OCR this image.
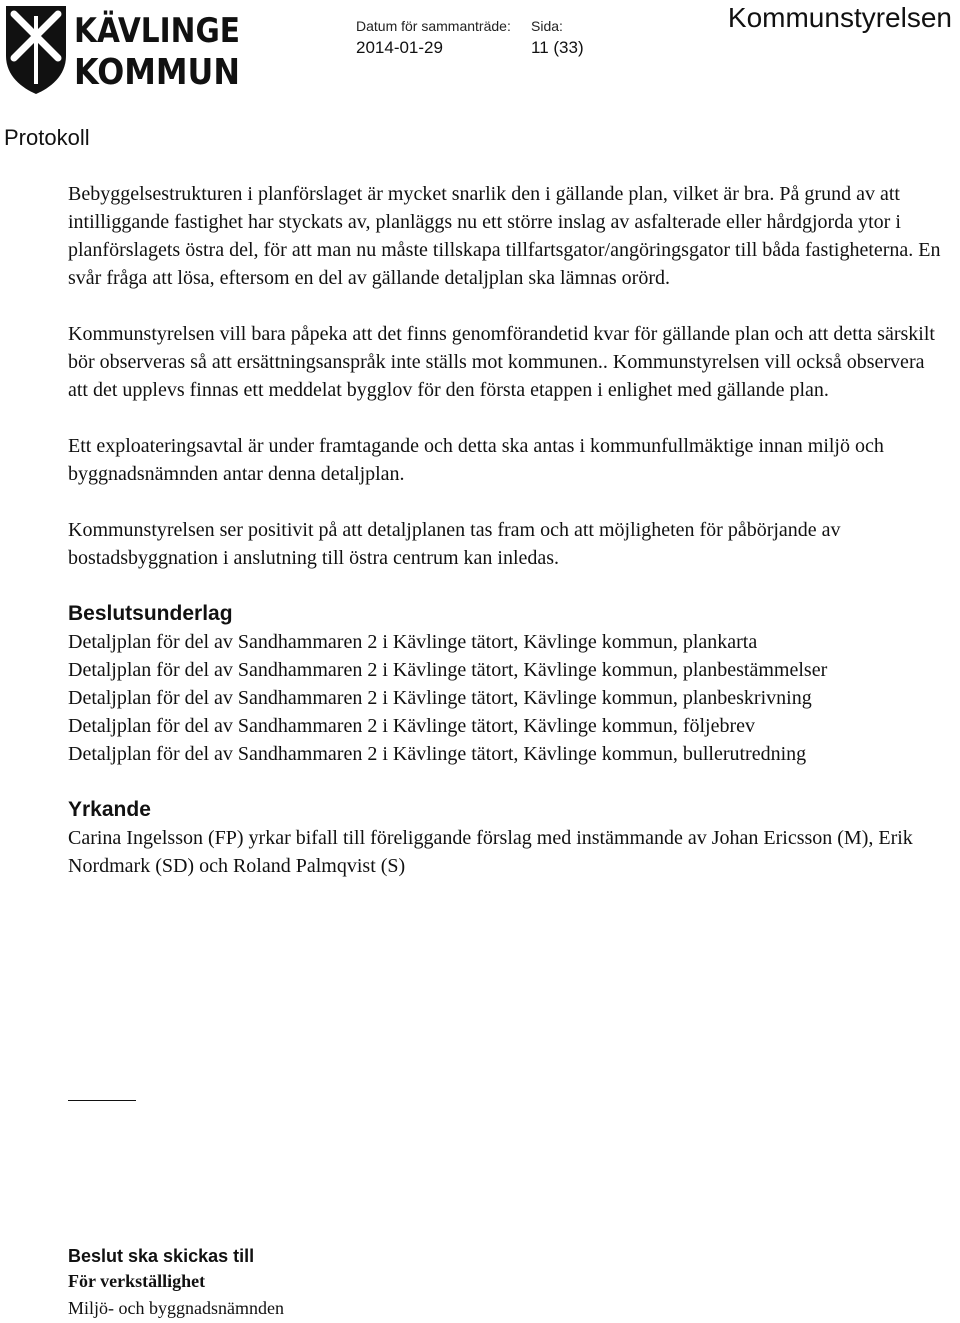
KÄVLINGE
KOMMUN
Datum för sammanträde:
2014-01-29
Sida:
11 (33)
Kommunstyrelsen
Protokoll

Bebyggelsestrukturen i planförslaget är mycket snarlik den i gällande plan, vilket är bra. På grund av att intilliggande fastighet har styckats av, planläggs nu ett större inslag av asfalterade eller hårdgjorda ytor i planförslagets östra del, för att man nu måste tillskapa tillfartsgator/angöringsgator till båda fastigheterna. En svår fråga att lösa, eftersom en del av gällande detaljplan ska lämnas orörd.

Kommunstyrelsen vill bara påpeka att det finns genomförandetid kvar för gällande plan och att detta särskilt bör observeras så att ersättningsanspråk inte ställs mot kommunen.. Kommunstyrelsen vill också observera att det upplevs finnas ett meddelat bygglov för den första etappen i enlighet med gällande plan.

Ett exploateringsavtal är under framtagande och detta ska antas i kommunfullmäktige innan miljö och byggnadsnämnden antar denna detaljplan.

Kommunstyrelsen ser positivit på att detaljplanen tas fram och att möjligheten för påbörjande av bostadsbyggnation i anslutning till östra centrum kan inledas.

Beslutsunderlag
Detaljplan för del av Sandhammaren 2 i Kävlinge tätort, Kävlinge kommun, plankarta
Detaljplan för del av Sandhammaren 2 i Kävlinge tätort, Kävlinge kommun, planbestämmelser
Detaljplan för del av Sandhammaren 2 i Kävlinge tätort, Kävlinge kommun, planbeskrivning
Detaljplan för del av Sandhammaren 2 i Kävlinge tätort, Kävlinge kommun, följebrev
Detaljplan för del av Sandhammaren 2 i Kävlinge tätort, Kävlinge kommun, bullerutredning
Yrkande

Carina Ingelsson (FP) yrkar bifall till föreliggande förslag med instämmande av Johan Ericsson (M), Erik Nordmark (SD) och Roland Palmqvist (S)

Beslut ska skickas till

För verkställighet

Miljö- och byggnadsnämnden
